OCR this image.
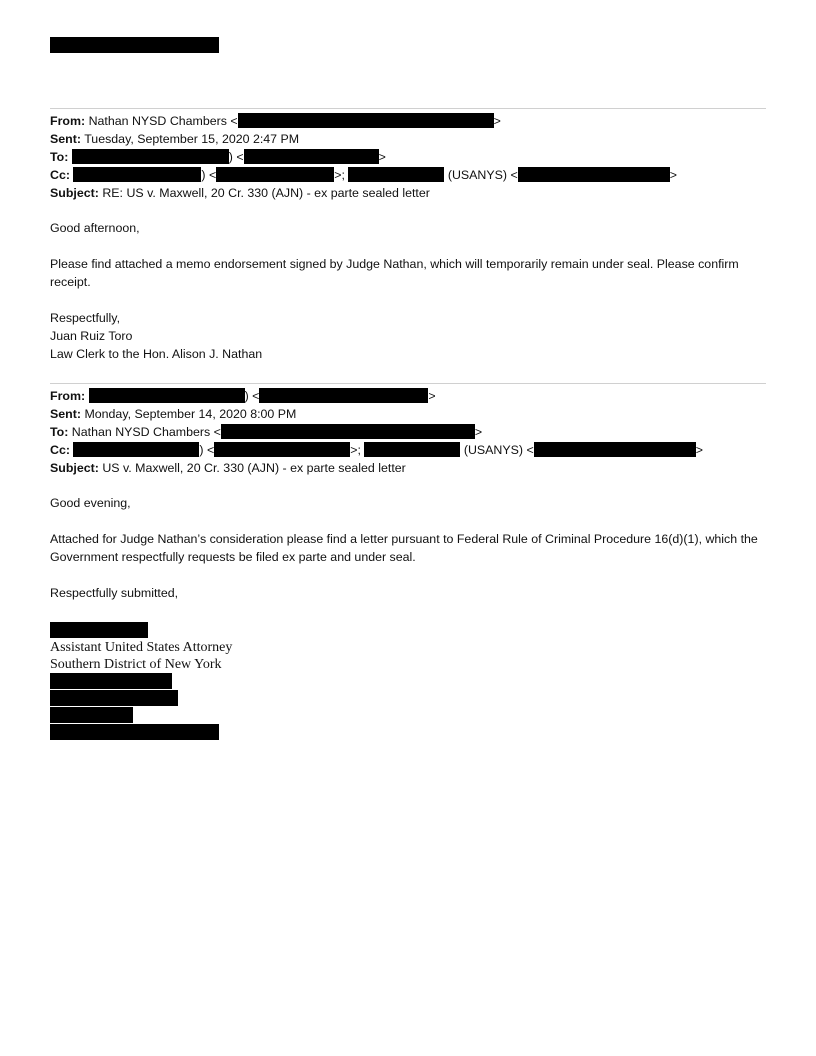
From: Nathan NYSD Chambers <	>
Sent: Tuesday, September 15, 2020 2:47 PM
To:	) <	>
Cc:	) <	>;	(USANYS) <	>
Subject: RE: US v. Maxwell, 20 Cr. 330 (AJN) - ex parte sealed letter

Good afternoon,

Please find attached a memo endorsement signed by Judge Nathan, which will temporarily remain under seal. Please confirm receipt.

Respectfully,

Juan Ruiz Toro

Law Clerk to the Hon. Alison J. Nathan

From:	) <	>
Sent: Monday, September 14, 2020 8:00 PM
To: Nathan NYSD Chambers <	>
Cc:	) <	>;	(USANYS) <	>
Subject: US v. Maxwell, 20 Cr. 330 (AJN) - ex parte sealed letter

Good evening,

Attached for Judge Nathan’s consideration please find a letter pursuant to Federal Rule of Criminal Procedure 16(d)(1), which the Government respectfully requests be filed ex parte and under seal.

Respectfully submitted,

Assistant United States Attorney
Southern District of New York
